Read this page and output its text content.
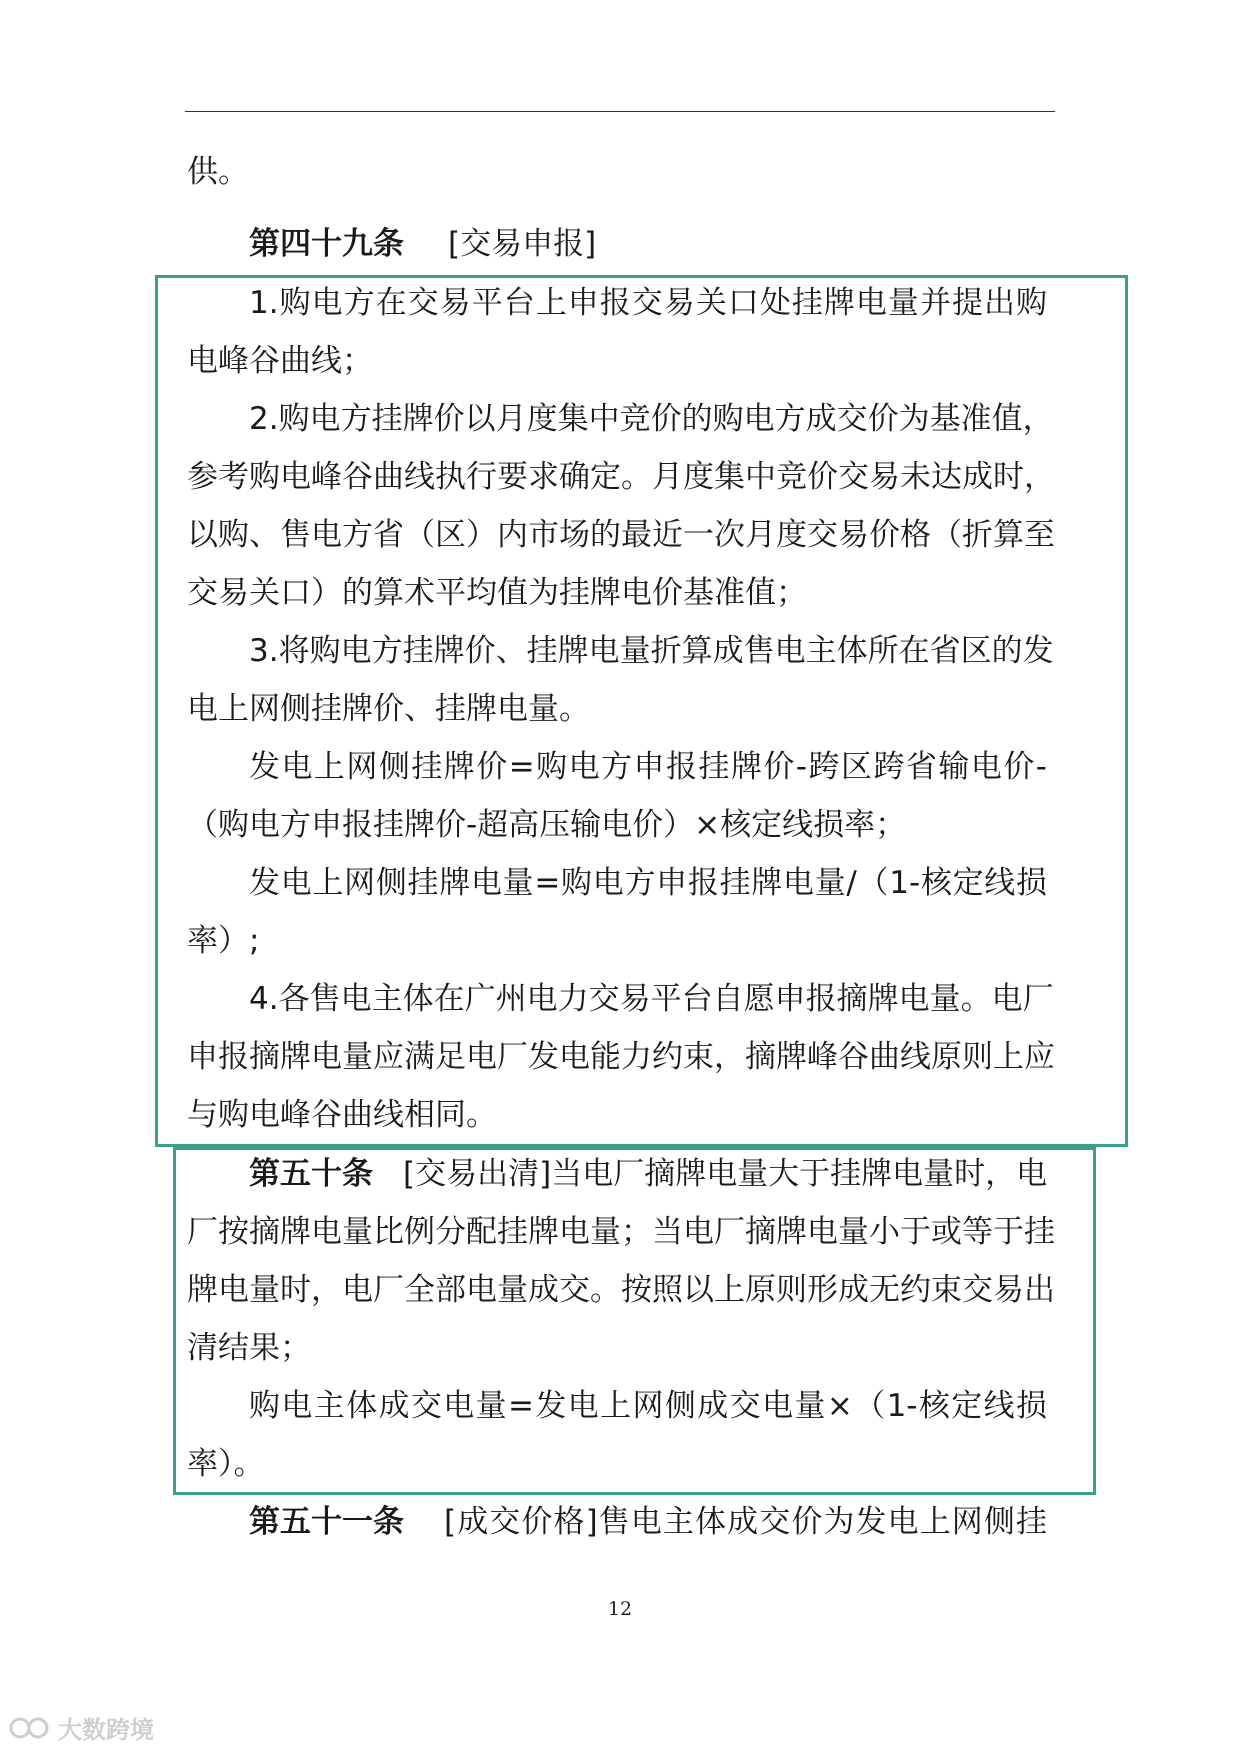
供。
第四十九条 [交易申报]
1.购电方在交易平台上申报交易关口处挂牌电量并提出购
电峰谷曲线；
2.购电方挂牌价以月度集中竞价的购电方成交价为基准值，
参考购电峰谷曲线执行要求确定。月度集中竞价交易未达成时，
以购、售电方省（区）内市场的最近一次月度交易价格（折算至
交易关口）的算术平均值为挂牌电价基准值；
3.将购电方挂牌价、挂牌电量折算成售电主体所在省区的发
电上网侧挂牌价、挂牌电量。
发电上网侧挂牌价=购电方申报挂牌价-跨区跨省输电价-
（购电方申报挂牌价-超高压输电价）×核定线损率；
发电上网侧挂牌电量=购电方申报挂牌电量/（1-核定线损
率）;
4.各售电主体在广州电力交易平台自愿申报摘牌电量。电厂
申报摘牌电量应满足电厂发电能力约束，摘牌峰谷曲线原则上应
与购电峰谷曲线相同。
第五十条 [交易出清]当电厂摘牌电量大于挂牌电量时，电
厂按摘牌电量比例分配挂牌电量；当电厂摘牌电量小于或等于挂
牌电量时，电厂全部电量成交。按照以上原则形成无约束交易出
清结果；
购电主体成交电量=发电上网侧成交电量×（1-核定线损
率）。
第五十一条 [成交价格]售电主体成交价为发电上网侧挂
12
大数跨境
